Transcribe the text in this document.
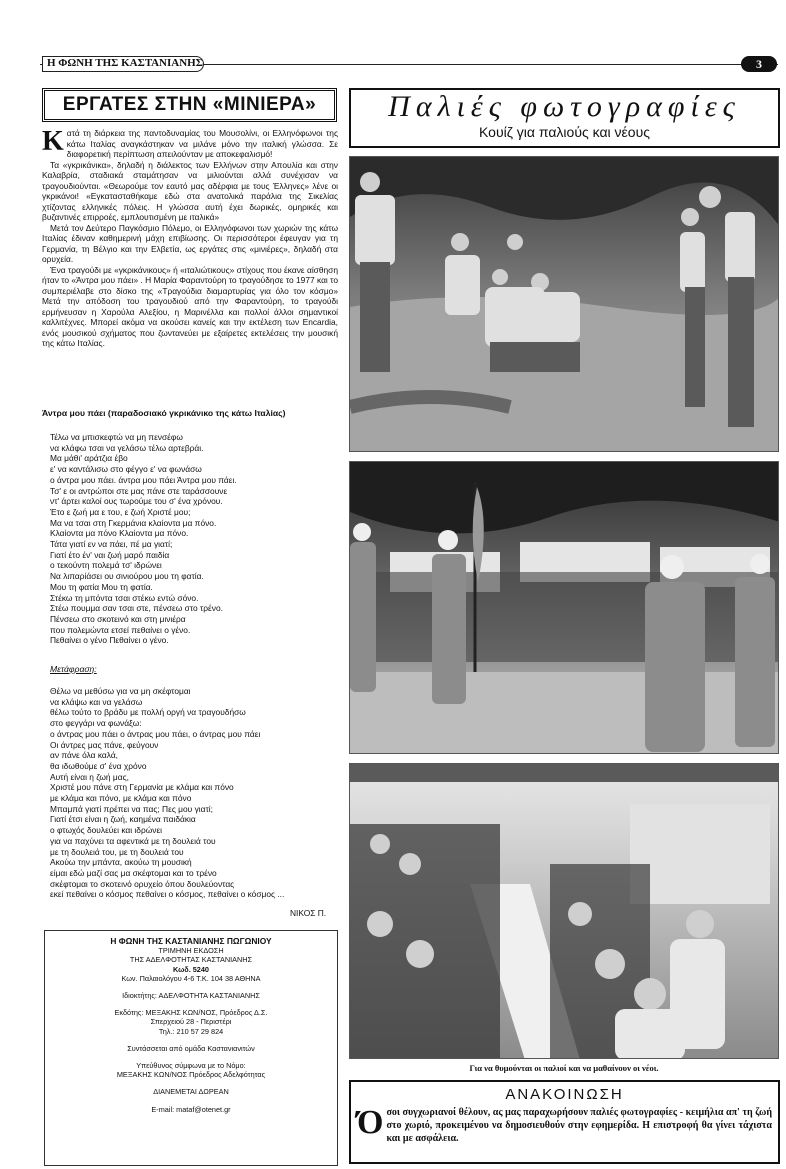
Η ΦΩΝΗ ΤΗΣ ΚΑΣΤΑΝΙΑΝΗΣ	3
ΕΡΓΑΤΕΣ ΣΤΗΝ «ΜΙΝΙΕΡΑ»

Κατά τη διάρκεια της παντοδυναμίας του Μουσολίνι, οι Ελληνόφωνοι της κάτω Ιταλίας αναγκάστηκαν να μιλάνε μόνο την ιταλική γλώσσα. Σε διαφορετική περίπτωση απειλούνταν με αποκεφαλισμό!

Τα «γκρικάνικα», δηλαδή η διάλεκτος των Ελλήνων στην Απουλία και στην Καλαβρία, σταδιακά σταμάτησαν να μιλιούνται αλλά συνέχισαν να τραγουδιούνται. «Θεωρούμε τον εαυτό μας αδέρφια με τους Έλληνες» λένε οι γκρικάνοι! «Εγκατασταθήκαμε εδώ στα ανατολικά παράλια της Σικελίας χτίζοντας ελληνικές πόλεις. Η γλώσσα αυτή έχει δωρικές, ομηρικές και βυζαντινές επιρροές, εμπλουτισμένη με ιταλικά»

Μετά τον Δεύτερο Παγκόσμιο Πόλεμο, οι Ελληνόφωνοι των χωριών της κάτω Ιταλίας έδιναν καθημερινή μάχη επιβίωσης. Οι περισσότεροι έφευγαν για τη Γερμανία, τη Βέλγιο και την Ελβετία, ως εργάτες στις «μινιέρες», δηλαδή στα ορυχεία.

Ένα τραγούδι με «γκρικάνικους» ή «ιταλιώτικους» στίχους που έκανε αίσθηση ήταν το «Άντρα μου πάει» . Η Μαρία Φαραντούρη το τραγούδησε το 1977 και το συμπεριέλαβε στο δίσκο της «Τραγούδια διαμαρτυρίας για όλο τον κόσμο» Μετά την απόδοση του τραγουδιού από την Φαραντούρη, το τραγούδι ερμήνευσαν η Χαρούλα Αλεξίου, η Μαρινέλλα και πολλοί άλλοι σημαντικοί καλλιτέχνες. Μπορεί ακόμα να ακούσει κανείς και την εκτέλεση των Encardia, ενός μουσικού σχήματος που ζωντανεύει με εξαίρετες εκτελέσεις την μουσική της κάτω Ιταλίας.

Άντρα μου πάει (παραδοσιακό γκρικάνικο της κάτω Ιταλίας)
Τέλω να μπισκεφτώ να μη πενσέφω
να κλάφω τσαι να γελάσω τέλω αρτεβράι.
Μα μάθι' αράτζια έβο
ε' να καντάλισω στο φέγγο ε' να φωνάσω
ο άντρα μου πάει. άντρα μου πάει Άντρα μου πάει.
Τσ' ε οι αντρώποι στε μας πάνε στε ταράσσουνε
ντ' άρτει καλοί ους τωρούμε του σ' ένα χρόνου.
Έτο ε ζωή μα ε του, ε ζωή Χριστέ μου;
Μα να τσαι στη Γκερμάνια κλαίοντα μα πόνο.
Κλαίοντα μα πόνο Κλαίοντα μα πόνο.
Τάτα γιατί εν να πάει, πέ μα γιατί;
Γιατί έτο έν' ναι ζωή μαρό παιδία
ο τεκούντη πολεμά τσ' ιδρώνει
Να λιπαρίάσει ου σινιούρου μου τη φατία.
Μου τη φατία Μου τη φατία.
Στέκω τη μπόντα τσαι στέκω εντώ σόνο.
Στέω πουμμα σαν τσαι στε, πένσεω στο τρένο.
Πένσεω στο σκοτεινό και στη μινιέρα
που πολεμώντα ετσεί πεθαίνει ο γένο.
Πεθαίνει ο γένο Πεθαίνει ο γένο.
Μετάφραση:
Θέλω να μεθύσω για να μη σκέφτομαι
να κλάψω και να γελάσω
θέλω τούτο το βράδυ με πολλή οργή να τραγουδήσω
στο φεγγάρι να φωνάξω:
ο άντρας μου πάει ο άντρας μου πάει, ο άντρας μου πάει
Οι άντρες μας πάνε, φεύγουν
αν πάνε όλα καλά,
θα ιδωθούμε σ' ένα χρόνο
Αυτή είναι η ζωή μας,
Χριστέ μου πάνε στη Γερμανία με κλάμα και πόνο
με κλάμα και πόνο, με κλάμα και πόνο
Μπαμπά γιατί πρέπει να πας; Πες μου γιατί;
Γιατί έτσι είναι η ζωή, καημένα παιδάκια
ο φτωχός δουλεύει και ιδρώνει
για να παχύνει τα αφεντικά με τη δουλειά του
με τη δουλειά του, με τη δουλειά του
Ακούω την μπάντα, ακούω τη μουσική
είμαι εδώ μαζί σας μα σκέφτομαι και το τρένο
σκέφτομαι το σκοτεινό ορυχείο όπου δουλεύοντας
εκεί πεθαίνει ο κόσμος πεθαίνει ο κόσμος, πεθαίνει ο κόσμος ...
ΝΙΚΟΣ Π.
Η ΦΩΝΗ ΤΗΣ ΚΑΣΤΑΝΙΑΝΗΣ ΠΩΓΩΝΙΟΥ
ΤΡΙΜΗΝΗ ΕΚΔΟΣΗ
ΤΗΣ ΑΔΕΛΦΟΤΗΤΑΣ ΚΑΣΤΑΝΙΑΝΗΣ
Κωδ. 5240
Κων. Παλαιολόγου 4-6 Τ.Κ. 104 38 ΑΘΗΝΑ
Ιδιοκτήτης: ΑΔΕΛΦΟΤΗΤΑ ΚΑΣΤΑΝΙΑΝΗΣ
Εκδότης: ΜΕΞΑΚΗΣ ΚΩΝ/ΝΟΣ, Πρόεδρος Δ.Σ.
Σπερχειού 28 - Περιστέρι
Τηλ.: 210 57 29 824
Συντάσσεται από ομάδα Καστανιανιτών
Υπεύθυνος σύμφωνα με το Νόμο:
ΜΕΞΑΚΗΣ ΚΩΝ/ΝΟΣ Πρόεδρος Αδελφότητας
ΔΙΑΝΕΜΕΤΑΙ ΔΩΡΕΑΝ
E-mail: mataf@otenet.gr
Παλιές φωτογραφίες
Κουίζ για παλιούς και νέους
Για να θυμούνται οι παλιοί και να μαθαίνουν οι νέοι.
ΑΝΑΚΟΙΝΩΣΗ
Όσοι συγχωριανοί θέλουν, ας μας παραχωρήσουν παλιές φωτογραφίες - κειμήλια απ' τη ζωή στο χωριό, προκειμένου να δημοσιευθούν στην εφημερίδα. Η επιστροφή θα γίνει τάχιστα και με ασφάλεια.
